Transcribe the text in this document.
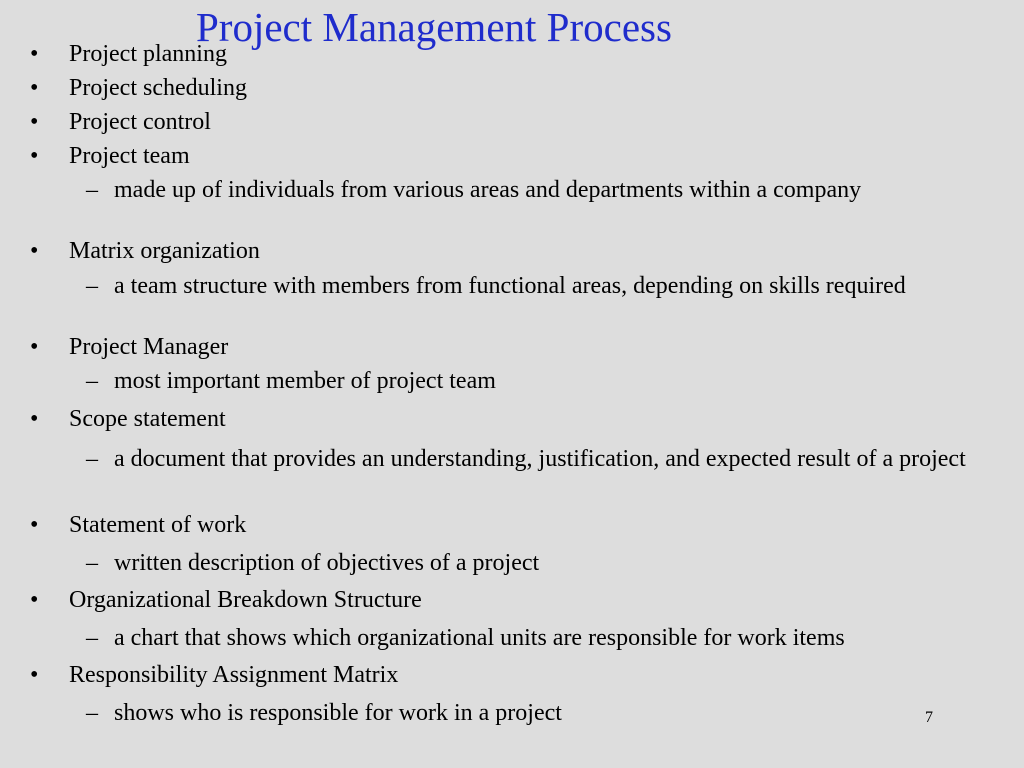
Project Management Process
• Project planning
• Project scheduling
• Project control
• Project team
– made up of individuals from various areas and departments within a company
• Matrix organization
– a team structure with members from functional areas, depending on skills required
• Project Manager
– most important member of project team
• Scope statement
– a document that provides an understanding, justification, and expected result of a project
• Statement of work
– written description of objectives of a project
• Organizational Breakdown Structure
– a chart that shows which organizational units are responsible for work items
• Responsibility Assignment Matrix
– shows who is responsible for work in a project	7
